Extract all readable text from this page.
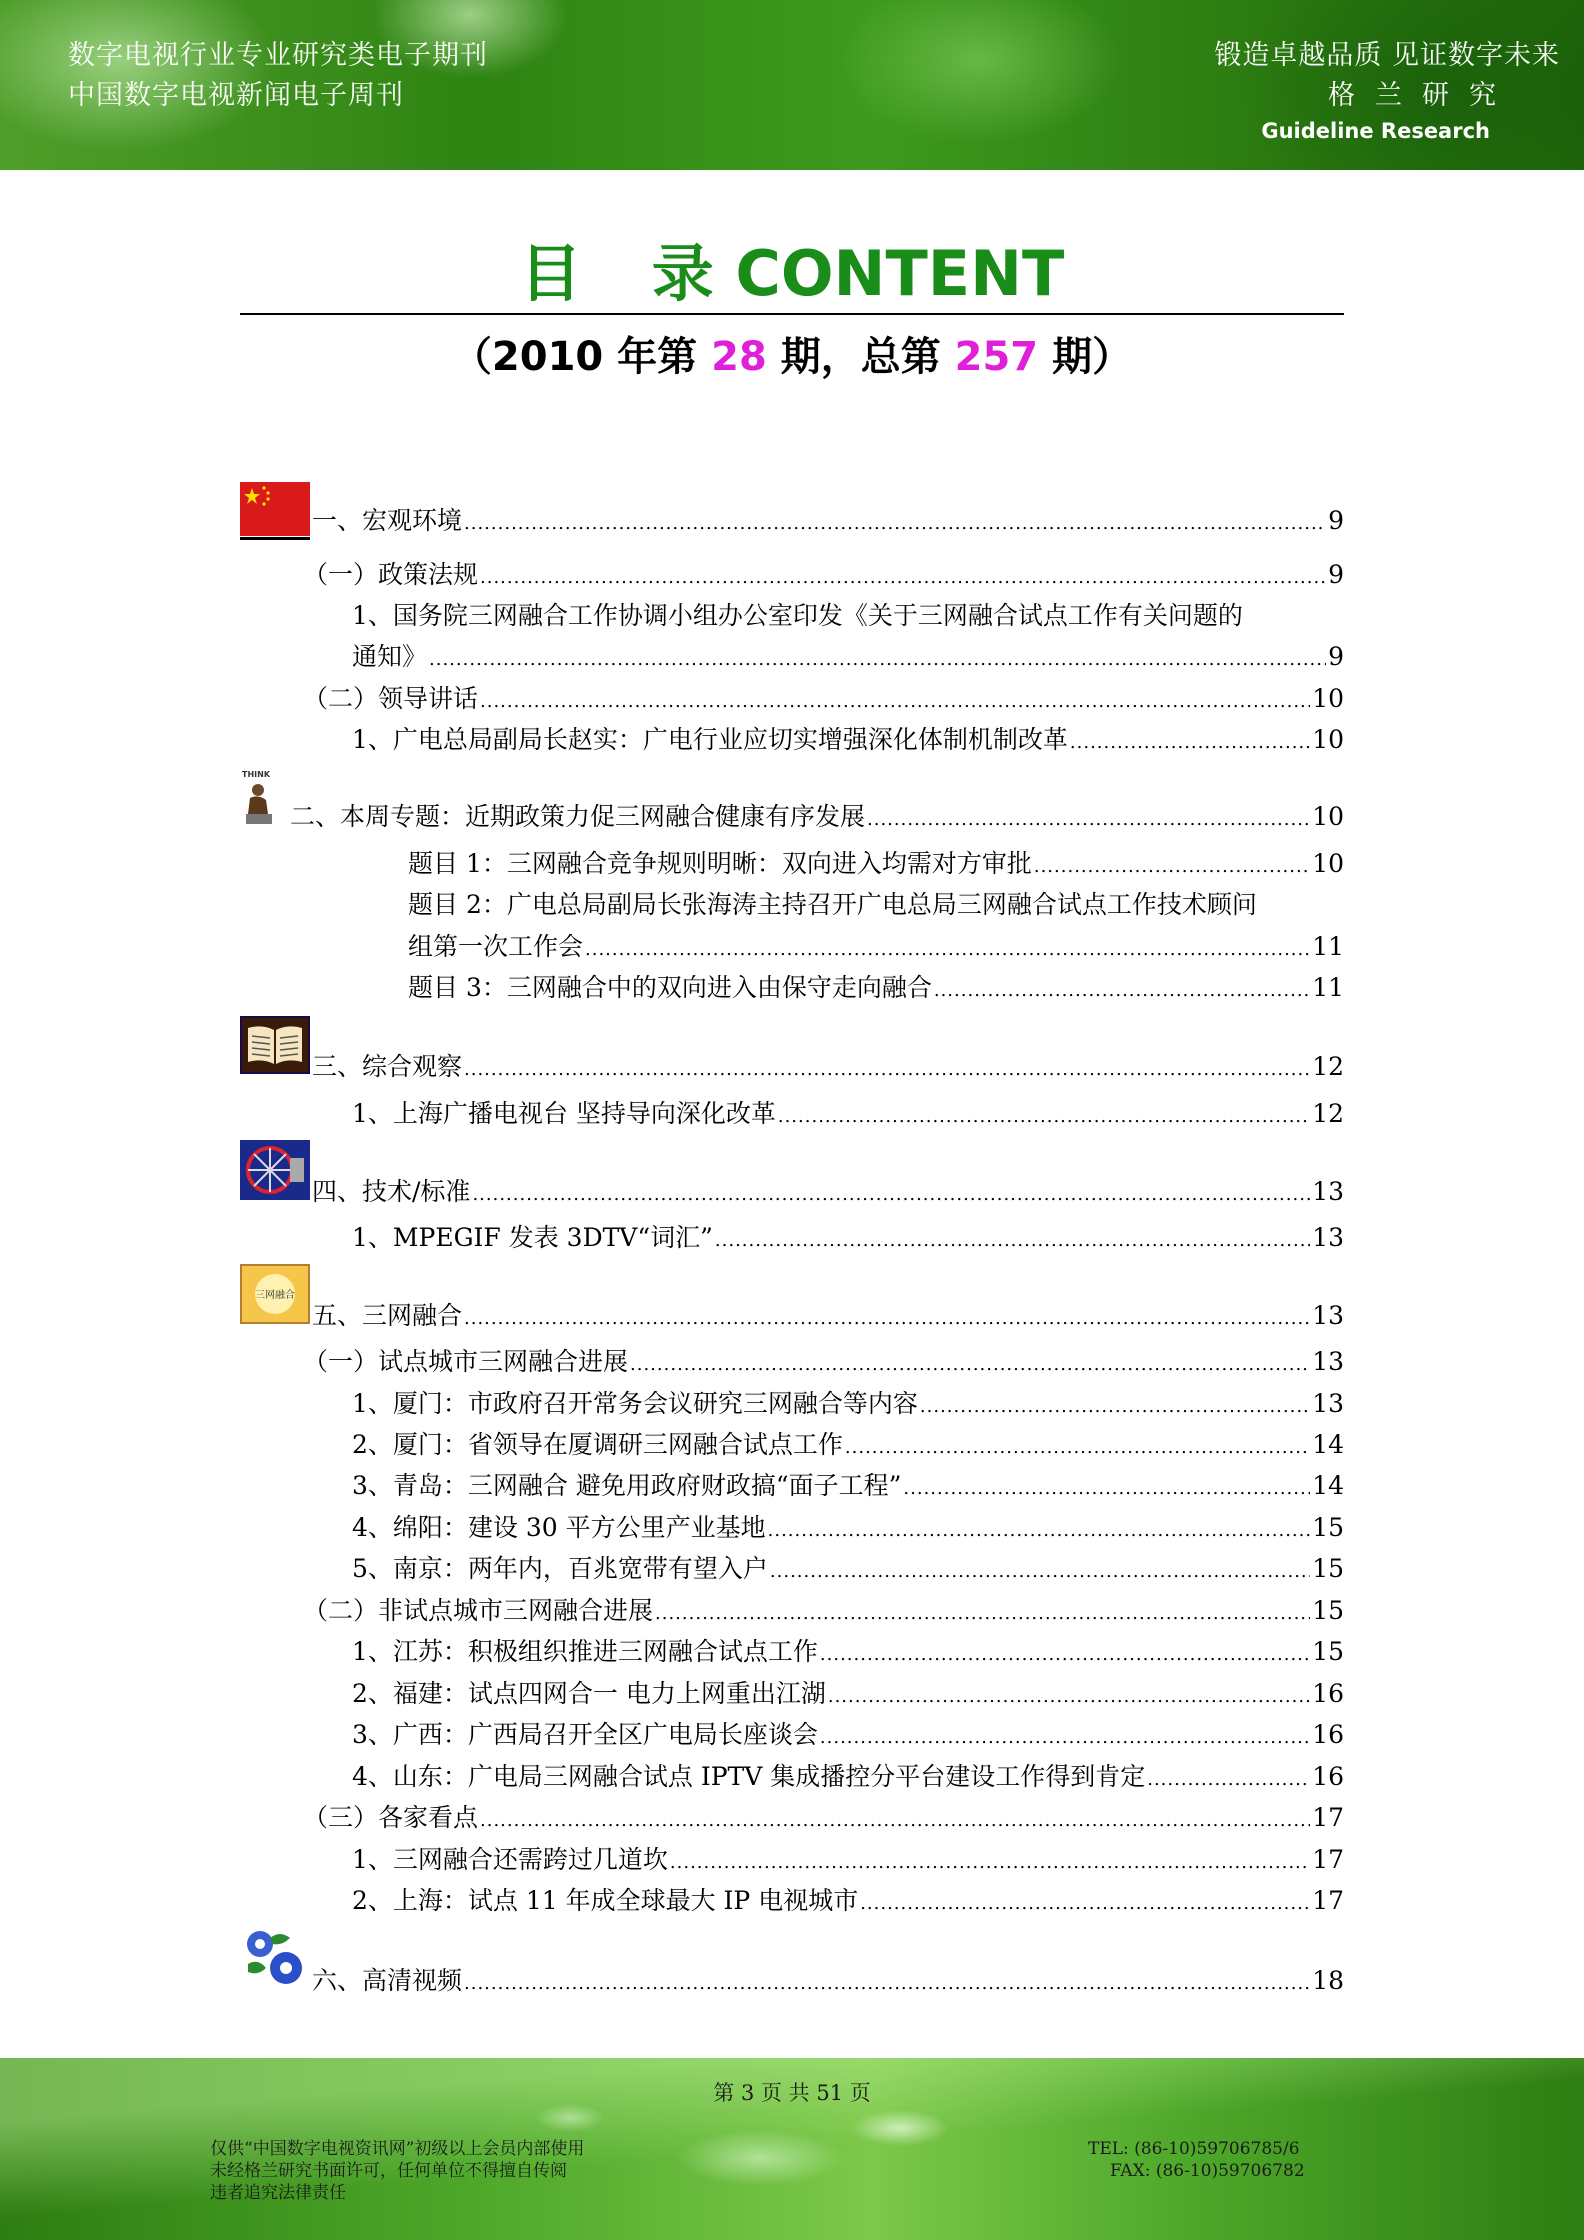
数字电视行业专业研究类电子期刊
中国数字电视新闻电子周刊
锻造卓越品质 见证数字未来
格兰研究
Guideline Research
目 录 CONTENT
（2010 年第 28 期，总第 257 期）
THINK
三网融合
一、宏观环境 .....	9
（一）政策法规 .....	9
1、国务院三网融合工作协调小组办公室印发《关于三网融合试点工作有关问题的
通知》 .....	9
（二）领导讲话 .....	10
1、广电总局副局长赵实：广电行业应切实增强深化体制机制改革 .....	10
二、本周专题：近期政策力促三网融合健康有序发展 .....	10
题目 1：三网融合竞争规则明晰：双向进入均需对方审批 .....	10
题目 2：广电总局副局长张海涛主持召开广电总局三网融合试点工作技术顾问
组第一次工作会 .....	11
题目 3：三网融合中的双向进入由保守走向融合 .....	11
三、综合观察 .....	12
1、上海广播电视台 坚持导向深化改革 .....	12
四、技术/标准 .....	13
1、MPEGIF 发表 3DTV“词汇” .....	13
五、三网融合 .....	13
（一）试点城市三网融合进展 .....	13
1、厦门：市政府召开常务会议研究三网融合等内容 .....	13
2、厦门：省领导在厦调研三网融合试点工作 .....	14
3、青岛：三网融合 避免用政府财政搞“面子工程” .....	14
4、绵阳：建设 30 平方公里产业基地 .....	15
5、南京：两年内，百兆宽带有望入户 .....	15
（二）非试点城市三网融合进展 .....	15
1、江苏：积极组织推进三网融合试点工作 .....	15
2、福建：试点四网合一 电力上网重出江湖 .....	16
3、广西：广西局召开全区广电局长座谈会 .....	16
4、山东：广电局三网融合试点 IPTV 集成播控分平台建设工作得到肯定 .....	16
（三）各家看点 .....	17
1、三网融合还需跨过几道坎 .....	17
2、上海：试点 11 年成全球最大 IP 电视城市 .....	17
六、高清视频 .....	18
第 3 页 共 51 页
仅供“中国数字电视资讯网”初级以上会员内部使用
未经格兰研究书面许可，任何单位不得擅自传阅
违者追究法律责任
TEL: (86-10)59706785/6
FAX: (86-10)59706782
